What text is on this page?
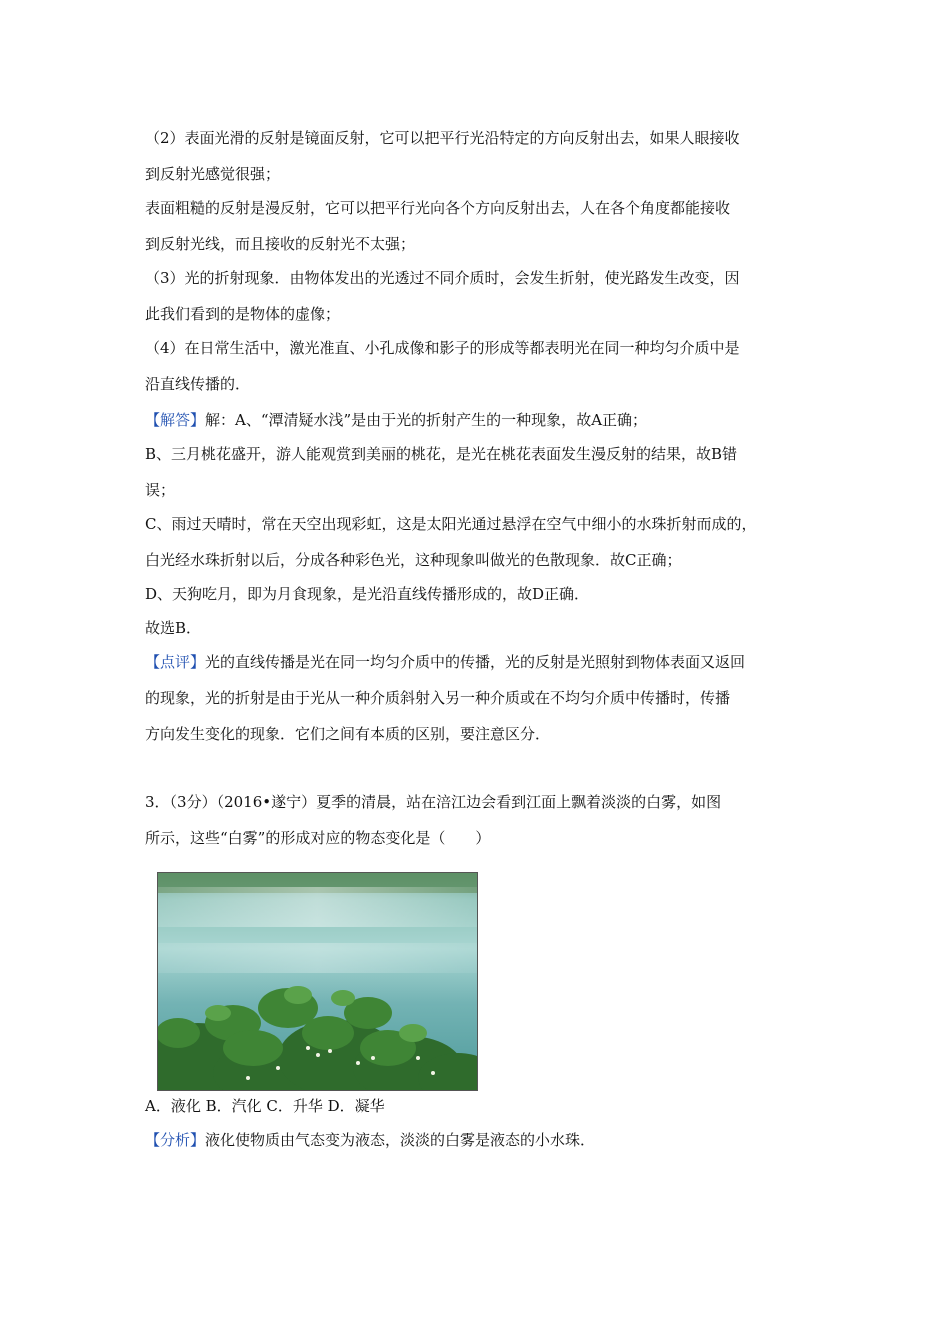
（2）表面光滑的反射是镜面反射，它可以把平行光沿特定的方向反射出去，如果人眼接收
到反射光感觉很强；
表面粗糙的反射是漫反射，它可以把平行光向各个方向反射出去，人在各个角度都能接收
到反射光线，而且接收的反射光不太强；
（3）光的折射现象．由物体发出的光透过不同介质时，会发生折射，使光路发生改变，因
此我们看到的是物体的虚像；
（4）在日常生活中，激光准直、小孔成像和影子的形成等都表明光在同一种均匀介质中是
沿直线传播的．
【解答】解：A、“潭清疑水浅”是由于光的折射产生的一种现象，故A正确；
B、三月桃花盛开，游人能观赏到美丽的桃花，是光在桃花表面发生漫反射的结果，故B错
误；
C、雨过天晴时，常在天空出现彩虹，这是太阳光通过悬浮在空气中细小的水珠折射而成的，
白光经水珠折射以后，分成各种彩色光，这种现象叫做光的色散现象．故C正确；
D、天狗吃月，即为月食现象，是光沿直线传播形成的，故D正确．
故选B．
【点评】光的直线传播是光在同一均匀介质中的传播，光的反射是光照射到物体表面又返回
的现象，光的折射是由于光从一种介质斜射入另一种介质或在不均匀介质中传播时，传播
方向发生变化的现象．它们之间有本质的区别，要注意区分．
3．（3分）（2016•遂宁）夏季的清晨，站在涪江边会看到江面上飘着淡淡的白雾，如图
所示，这些“白雾”的形成对应的物态变化是（　　）
A．液化 B．汽化 C．升华 D．凝华
【分析】液化使物质由气态变为液态，淡淡的白雾是液态的小水珠．
